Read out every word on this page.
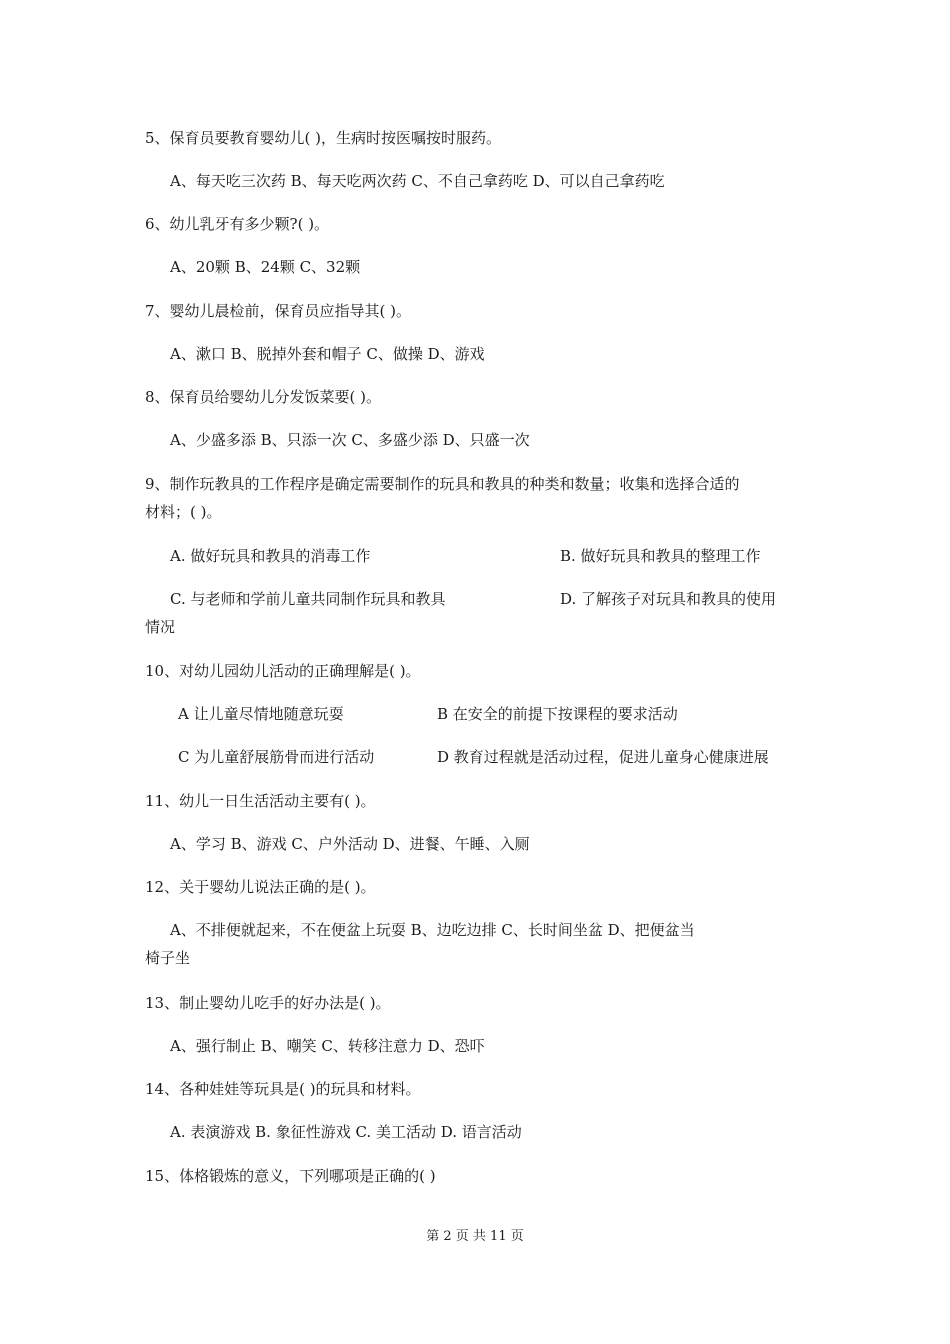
5、保育员要教育婴幼儿( )，生病时按医嘱按时服药。
A、每天吃三次药 B、每天吃两次药 C、不自己拿药吃 D、可以自己拿药吃
6、幼儿乳牙有多少颗?( )。
A、20颗 B、24颗 C、32颗
7、婴幼儿晨检前，保育员应指导其( )。
A、漱口 B、脱掉外套和帽子 C、做操 D、游戏
8、保育员给婴幼儿分发饭菜要( )。
A、少盛多添 B、只添一次 C、多盛少添 D、只盛一次
9、制作玩教具的工作程序是确定需要制作的玩具和教具的种类和数量；收集和选择合适的
材料；( )。
A. 做好玩具和教具的消毒工作	B. 做好玩具和教具的整理工作
C. 与老师和学前儿童共同制作玩具和教具	D. 了解孩子对玩具和教具的使用
情况
10、对幼儿园幼儿活动的正确理解是( )。
A 让儿童尽情地随意玩耍	B 在安全的前提下按课程的要求活动
C 为儿童舒展筋骨而进行活动	D 教育过程就是活动过程，促进儿童身心健康进展
11、幼儿一日生活活动主要有( )。
A、学习 B、游戏 C、户外活动 D、进餐、午睡、入厕
12、关于婴幼儿说法正确的是( )。
A、不排便就起来，不在便盆上玩耍 B、边吃边排 C、长时间坐盆 D、把便盆当
椅子坐
13、制止婴幼儿吃手的好办法是( )。
A、强行制止 B、嘲笑 C、转移注意力 D、恐吓
14、各种娃娃等玩具是( )的玩具和材料。
A. 表演游戏 B. 象征性游戏 C. 美工活动 D. 语言活动
15、体格锻炼的意义，下列哪项是正确的( )
第 2 页 共 11 页
